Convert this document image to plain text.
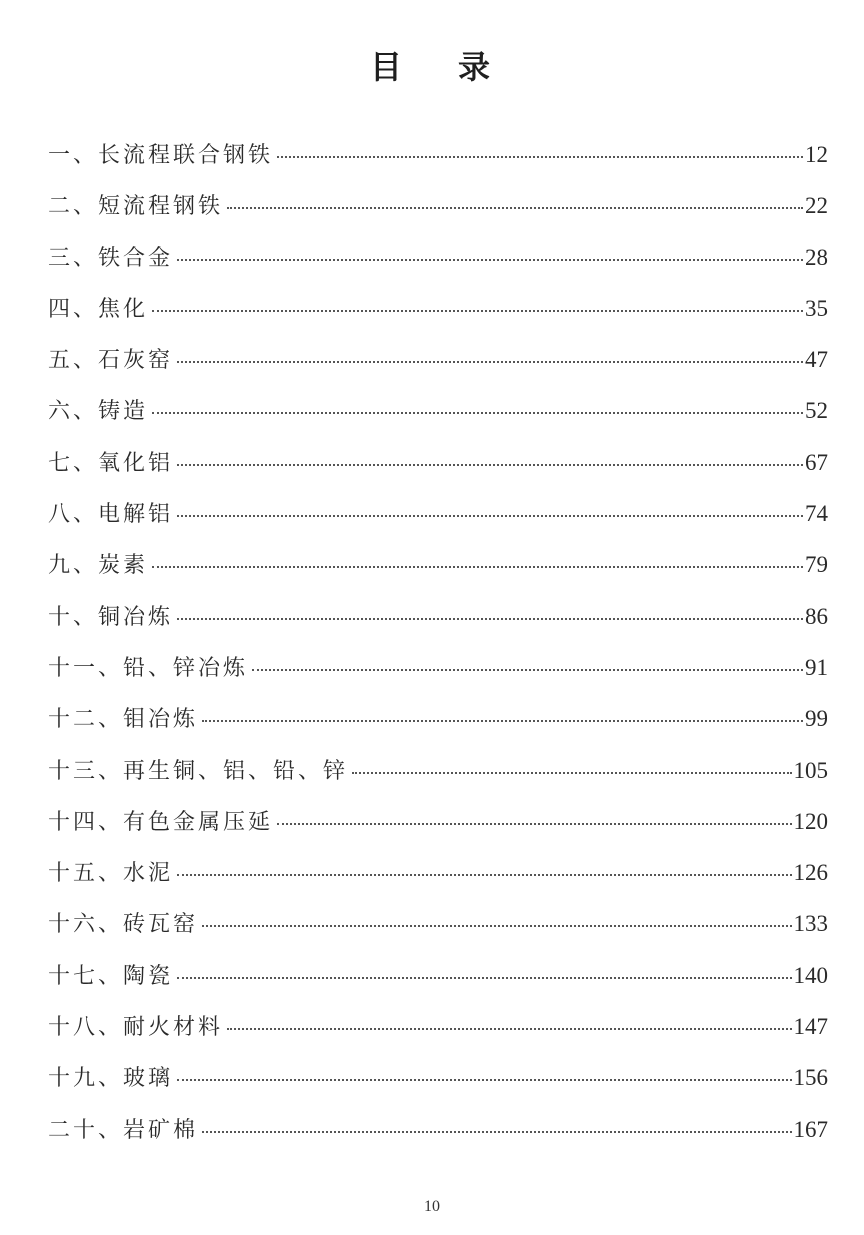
目 录
一、长流程联合钢铁	12
二、短流程钢铁	22
三、铁合金	28
四、焦化	35
五、石灰窑	47
六、铸造	52
七、氧化铝	67
八、电解铝	74
九、炭素	79
十、铜冶炼	86
十一、铅、锌冶炼	91
十二、钼冶炼	99
十三、再生铜、铝、铅、锌	105
十四、有色金属压延	120
十五、水泥	126
十六、砖瓦窑	133
十七、陶瓷	140
十八、耐火材料	147
十九、玻璃	156
二十、岩矿棉	167
10
